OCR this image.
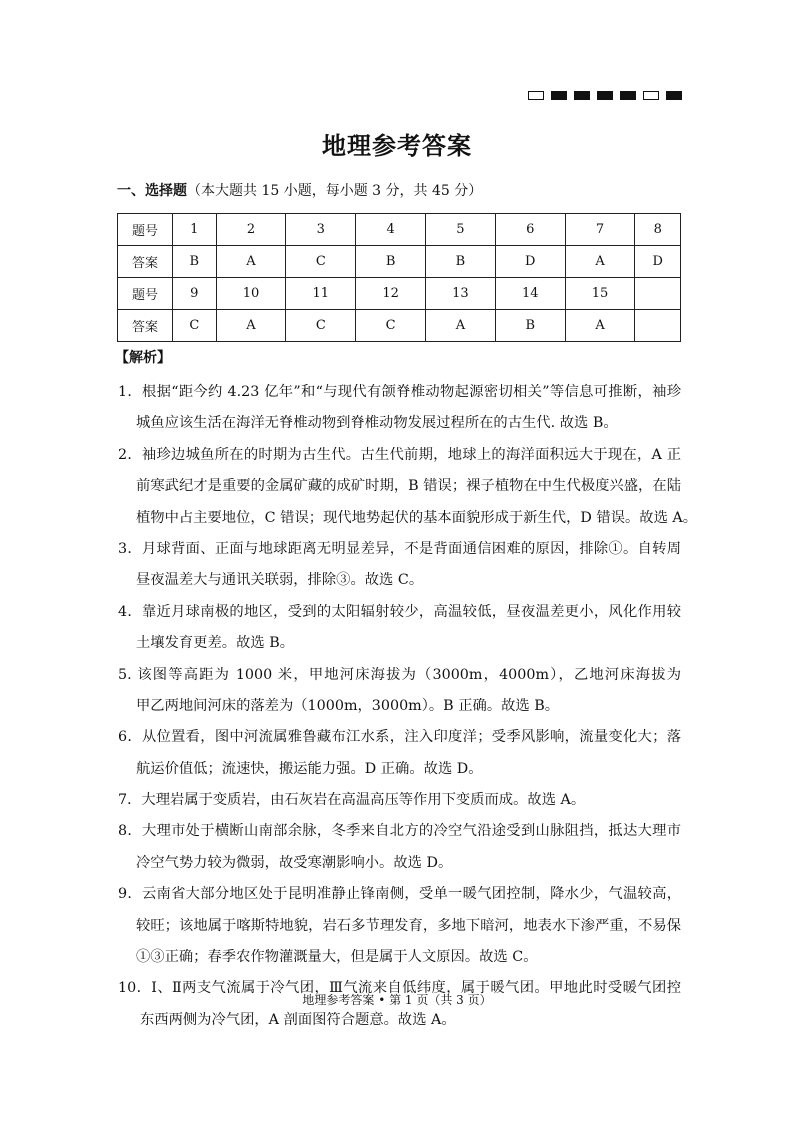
地理参考答案
一、选择题（本大题共 15 小题，每小题 3 分，共 45 分）
题号	1	2	3	4	5	6	7	8
答案	B	A	C	B	B	D	A	D
题号	9	10	11	12	13	14	15	
答案	C	A	C	C	A	B	A	
【解析】
1．根据“距今约 4.23 亿年”和“与现代有颌脊椎动物起源密切相关”等信息可推断，袖珍
城鱼应该生活在海洋无脊椎动物到脊椎动物发展过程所在的古生代. 故选 B。
2．袖珍边城鱼所在的时期为古生代。古生代前期，地球上的海洋面积远大于现在，A 正
前寒武纪才是重要的金属矿藏的成矿时期，B 错误；裸子植物在中生代极度兴盛，在陆
植物中占主要地位，C 错误；现代地势起伏的基本面貌形成于新生代，D 错误。故选 A。
3．月球背面、正面与地球距离无明显差异，不是背面通信困难的原因，排除①。自转周
昼夜温差大与通讯关联弱，排除③。故选 C。
4．靠近月球南极的地区，受到的太阳辐射较少，高温较低，昼夜温差更小，风化作用较
土壤发育更差。故选 B。
5. 该图等高距为 1000 米，甲地河床海拔为（3000m，4000m），乙地河床海拔为
甲乙两地间河床的落差为（1000m，3000m）。B 正确。故选 B。
6．从位置看，图中河流属雅鲁藏布江水系，注入印度洋；受季风影响，流量变化大；落
航运价值低；流速快，搬运能力强。D 正确。故选 D。
7．大理岩属于变质岩，由石灰岩在高温高压等作用下变质而成。故选 A。
8．大理市处于横断山南部余脉，冬季来自北方的冷空气沿途受到山脉阻挡，抵达大理市
冷空气势力较为微弱，故受寒潮影响小。故选 D。
9．云南省大部分地区处于昆明准静止锋南侧，受单一暖气团控制，降水少，气温较高，
较旺；该地属于喀斯特地貌，岩石多节理发育，多地下暗河，地表水下渗严重，不易保
①③正确；春季农作物灌溉量大，但是属于人文原因。故选 C。
10．Ⅰ、Ⅱ两支气流属于冷气团，Ⅲ气流来自低纬度，属于暖气团。甲地此时受暖气团控
东西两侧为冷气团，A 剖面图符合题意。故选 A。
地理参考答案 • 第 1 页（共 3 页）
